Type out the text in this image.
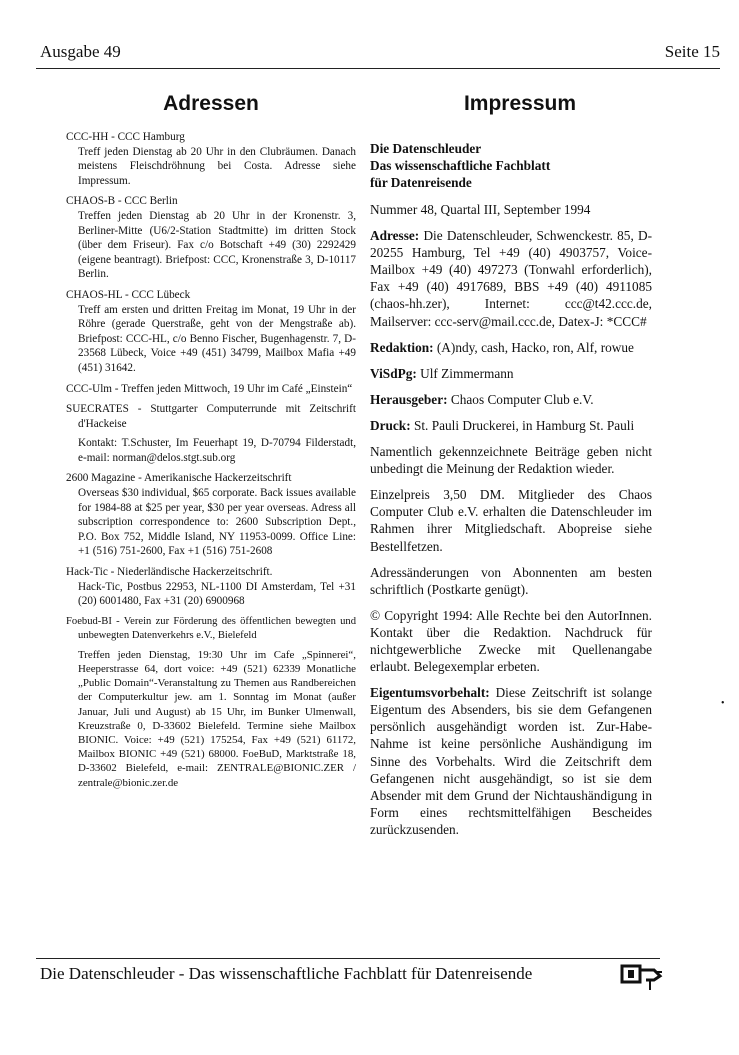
Ausgabe 49	Seite 15
Adressen	Impressum
CCC-HH - CCC Hamburg
Treff jeden Dienstag ab 20 Uhr in den Clubräumen. Danach meistens Fleischdröhnung bei Costa. Adresse siehe Impressum.
CHAOS-B - CCC Berlin
Treffen jeden Dienstag ab 20 Uhr in der Kronenstr. 3, Berliner-Mitte (U6/2-Station Stadtmitte) im dritten Stock (über dem Friseur). Fax c/o Botschaft +49 (30) 2292429 (eigene beantragt). Briefpost: CCC, Kronenstraße 3, D-10117 Berlin.
CHAOS-HL - CCC Lübeck
Treff am ersten und dritten Freitag im Monat, 19 Uhr in der Röhre (gerade Querstraße, geht von der Mengstraße ab). Briefpost: CCC-HL, c/o Benno Fischer, Bugenhagenstr. 7, D-23568 Lübeck, Voice +49 (451) 34799, Mailbox Mafia +49 (451) 31642.
CCC-Ulm - Treffen jeden Mittwoch, 19 Uhr im Café „Einstein“
SUECRATES - Stuttgarter Computerrunde mit Zeitschrift d'Hackeise
Kontakt: T.Schuster, Im Feuerhapt 19, D-70794 Filderstadt, e-mail: norman@delos.stgt.sub.org
2600 Magazine - Amerikanische Hackerzeitschrift
Overseas $30 individual, $65 corporate. Back issues available for 1984-88 at $25 per year, $30 per year overseas. Adress all subscription correspondence to: 2600 Subscription Dept., P.O. Box 752, Middle Island, NY 11953-0099. Office Line: +1 (516) 751-2600, Fax +1 (516) 751-2608
Hack-Tic - Niederländische Hackerzeitschrift.
Hack-Tic, Postbus 22953, NL-1100 DI Amsterdam, Tel +31 (20) 6001480, Fax +31 (20) 6900968
Foebud-BI - Verein zur Förderung des öffentlichen bewegten und unbewegten Datenverkehrs e.V., Bielefeld
Treffen jeden Dienstag, 19:30 Uhr im Cafe „Spinnerei“, Heeperstrasse 64, dort voice: +49 (521) 62339 Monatliche „Public Domain“-Veranstaltung zu Themen aus Randbereichen der Computerkultur jew. am 1. Sonntag im Monat (außer Januar, Juli und August) ab 15 Uhr, im Bunker Ulmenwall, Kreuzstraße 0, D-33602 Bielefeld. Termine siehe Mailbox BIONIC. Voice: +49 (521) 175254, Fax +49 (521) 61172, Mailbox BIONIC +49 (521) 68000. FoeBuD, Marktstraße 18, D-33602 Bielefeld, e-mail: ZENTRALE@BIONIC.ZER / zentrale@bionic.zer.de
Die Datenschleuder
Das wissenschaftliche Fachblatt
für Datenreisende

Nummer 48, Quartal III, September 1994

Adresse: Die Datenschleuder, Schwenckestr. 85, D-20255 Hamburg, Tel +49 (40) 4903757, Voice-Mailbox +49 (40) 497273 (Tonwahl erforderlich), Fax +49 (40) 4917689, BBS +49 (40) 4911085 (chaos-hh.zer), Internet: ccc@t42.ccc.de, Mailserver: ccc-serv@mail.ccc.de, Datex-J: *CCC#

Redaktion: (A)ndy, cash, Hacko, ron, Alf, rowue

ViSdPg: Ulf Zimmermann

Herausgeber: Chaos Computer Club e.V.

Druck: St. Pauli Druckerei, in Hamburg St. Pauli

Namentlich gekennzeichnete Beiträge geben nicht unbedingt die Meinung der Redaktion wieder.

Einzelpreis 3,50 DM. Mitglieder des Chaos Computer Club e.V. erhalten die Datenschleuder im Rahmen ihrer Mitgliedschaft. Abopreise siehe Bestellfetzen.

Adressänderungen von Abonnenten am besten schriftlich (Postkarte genügt).

© Copyright 1994: Alle Rechte bei den AutorInnen. Kontakt über die Redaktion. Nachdruck für nichtgewerbliche Zwecke mit Quellenangabe erlaubt. Belegexemplar erbeten.

Eigentumsvorbehalt: Diese Zeitschrift ist solange Eigentum des Absenders, bis sie dem Gefangenen persönlich ausgehändigt worden ist. Zur-Habe-Nahme ist keine persönliche Aushändigung im Sinne des Vorbehalts. Wird die Zeitschrift dem Gefangenen nicht ausgehändigt, so ist sie dem Absender mit dem Grund der Nichtaushändigung in Form eines rechtsmittelfähigen Bescheides zurückzusenden.

•
Die Datenschleuder - Das wissenschaftliche Fachblatt für Datenreisende
